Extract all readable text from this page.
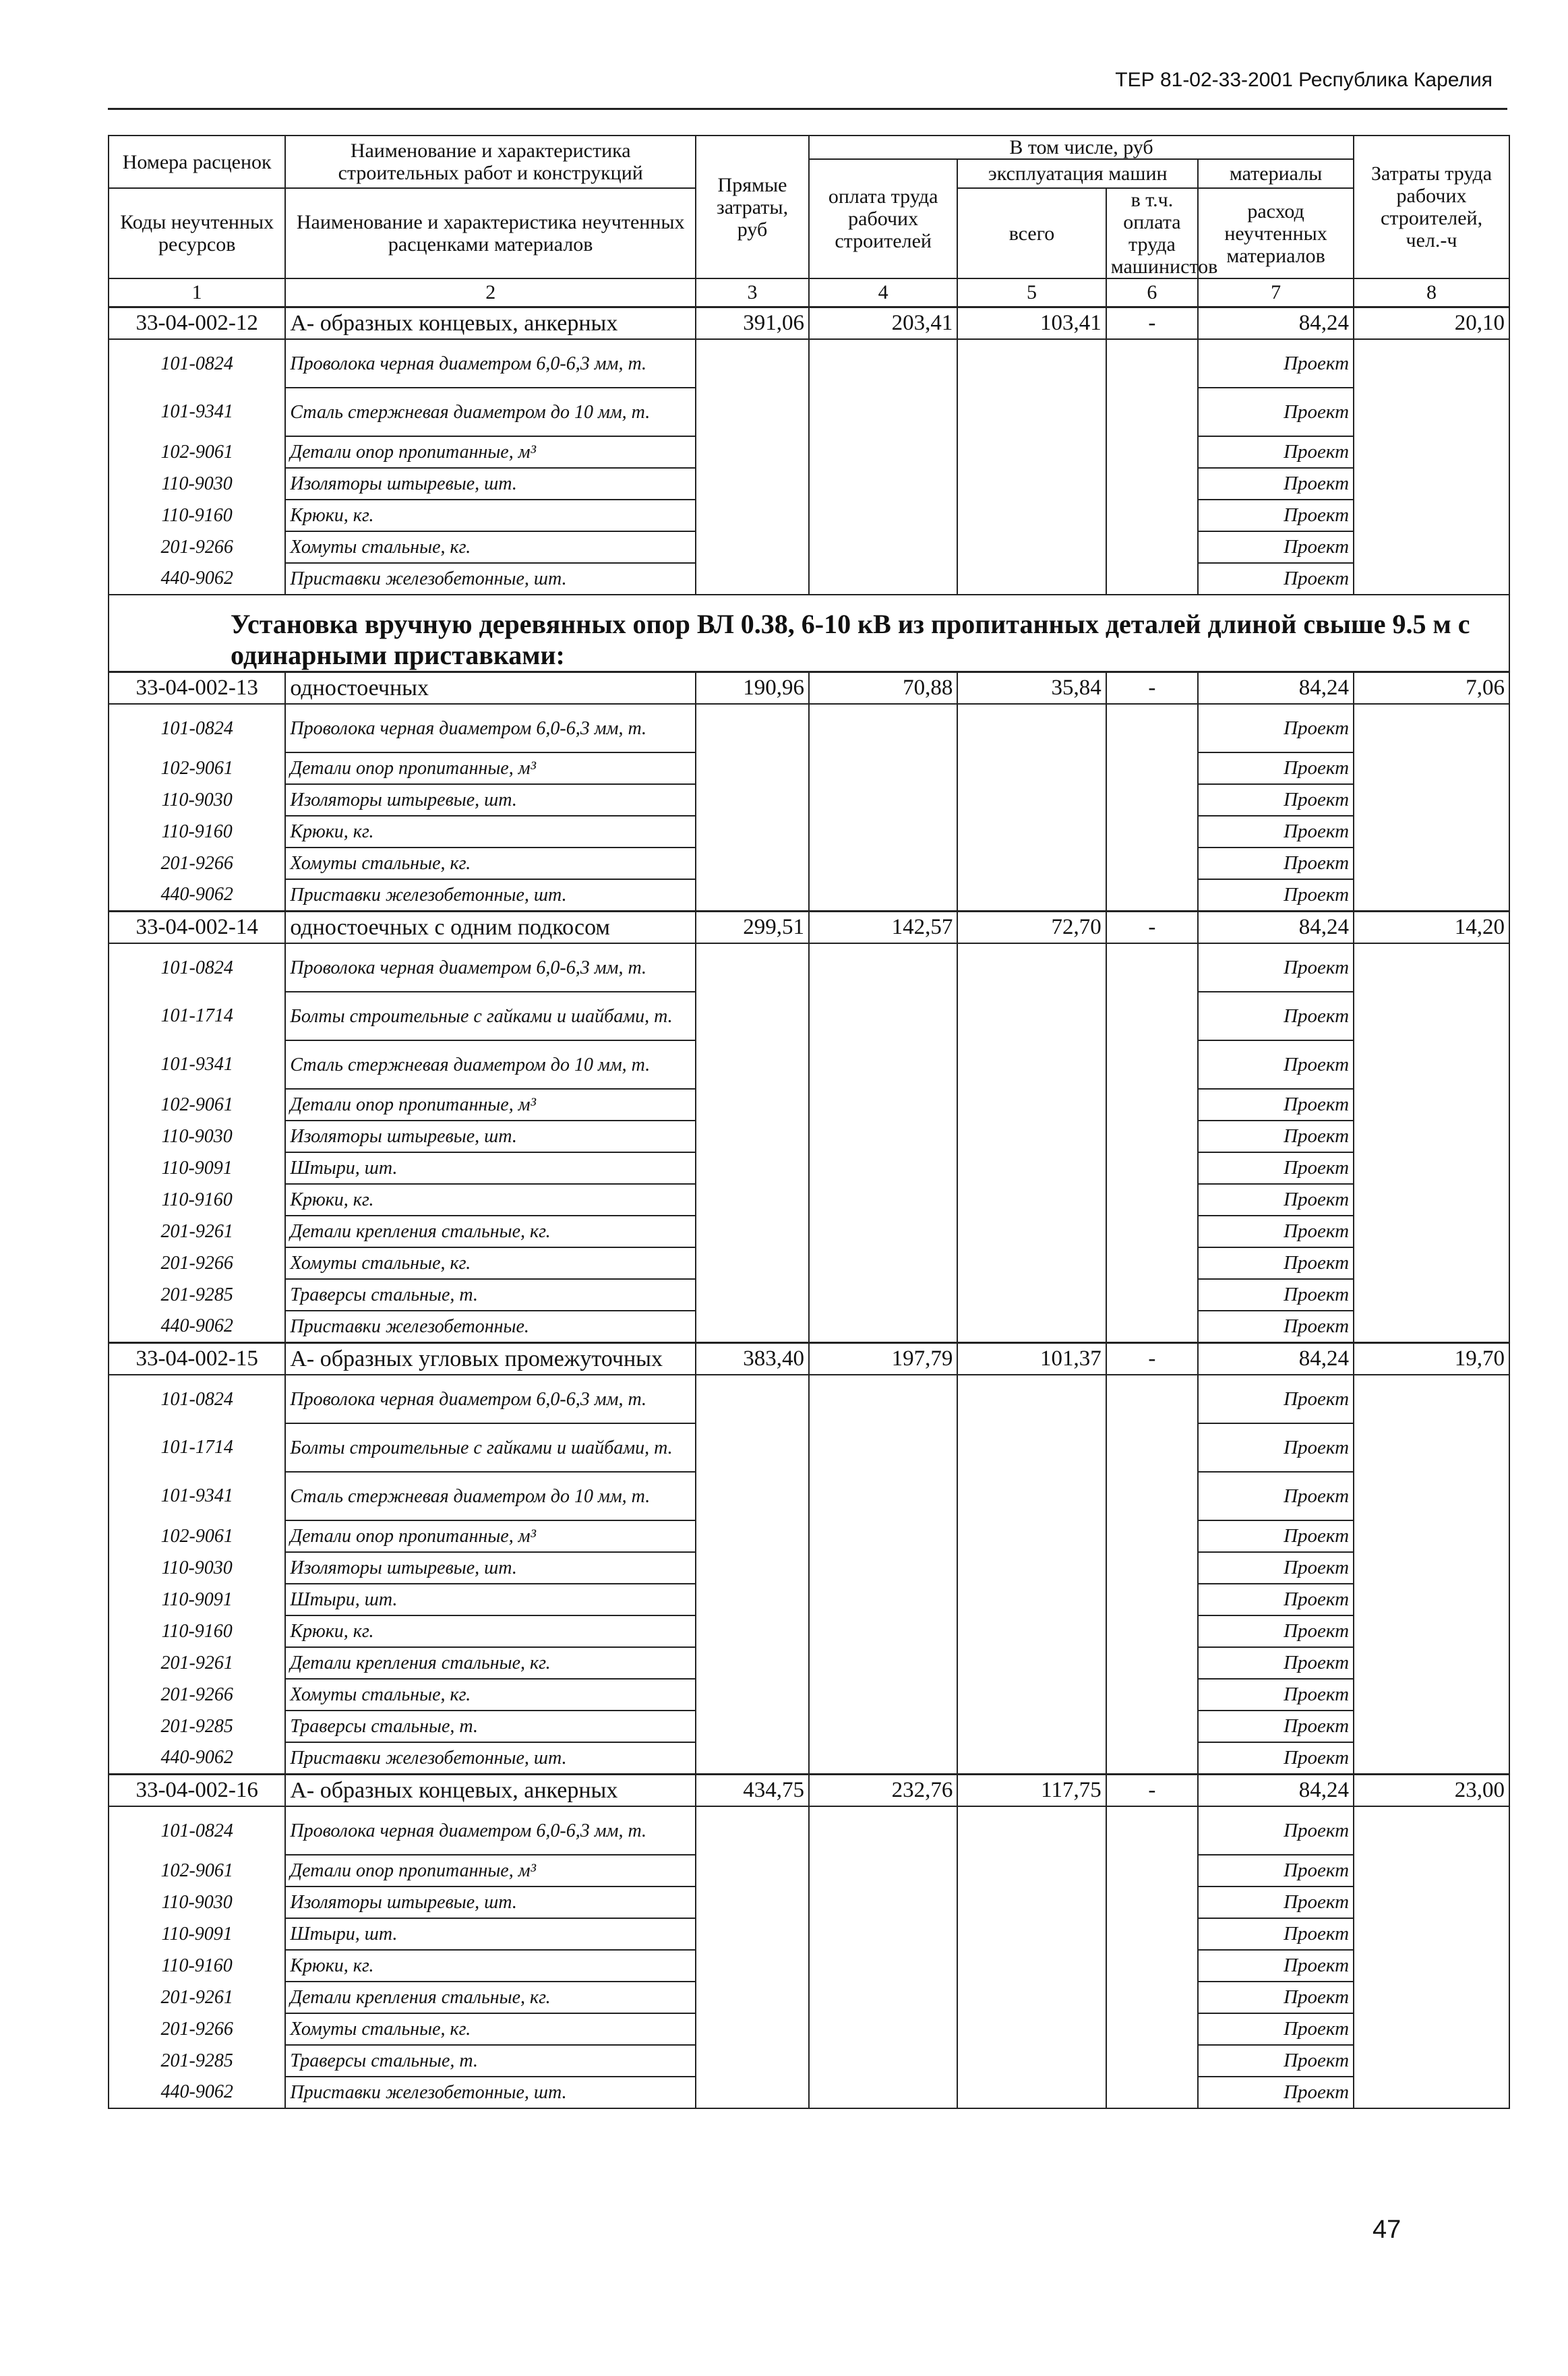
ТЕР 81-02-33-2001 Республика Карелия
Номера расценок	Наименование и характеристика строительных работ и конструкций	Прямые затраты, руб	В том числе, руб				Затраты труда рабочих строителей, чел.-ч
			оплата труда рабочих строителей	эксплуатация машин		материалы	
Коды неучтенных ресурсов	Наименование и характеристика неучтенных расценками материалов			всего	в т.ч. оплата труда машинистов	расход неучтенных материалов	

1	2	3	4	5	6	7	8
33-04-002-12	А- образных концевых, анкерных	391,06	203,41	103,41	-	84,24	20,10
101-0824	Проволока черная диаметром 6,0-6,3 мм, т.					Проект	
101-9341	Сталь стержневая диаметром до 10 мм, т.					Проект	
102-9061	Детали опор пропитанные, м³					Проект	
110-9030	Изоляторы штыревые, шт.					Проект	
110-9160	Крюки, кг.					Проект	
201-9266	Хомуты стальные, кг.					Проект	
440-9062	Приставки железобетонные, шт.					Проект	

Установка вручную деревянных опор ВЛ 0.38, 6-10 кВ из пропитанных деталей длиной свыше 9.5 м с одинарными приставками:							

33-04-002-13	одностоечных	190,96	70,88	35,84	-	84,24	7,06
101-0824	Проволока черная диаметром 6,0-6,3 мм, т.					Проект	
102-9061	Детали опор пропитанные, м³					Проект	
110-9030	Изоляторы штыревые, шт.					Проект	
110-9160	Крюки, кг.					Проект	
201-9266	Хомуты стальные, кг.					Проект	
440-9062	Приставки железобетонные, шт.					Проект	
33-04-002-14	одностоечных с одним подкосом	299,51	142,57	72,70	-	84,24	14,20
101-0824	Проволока черная диаметром 6,0-6,3 мм, т.					Проект	
101-1714	Болты строительные с гайками и шайбами, т.					Проект	
101-9341	Сталь стержневая диаметром до 10 мм, т.					Проект	
102-9061	Детали опор пропитанные, м³					Проект	
110-9030	Изоляторы штыревые, шт.					Проект	
110-9091	Штыри, шт.					Проект	
110-9160	Крюки, кг.					Проект	
201-9261	Детали крепления стальные, кг.					Проект	
201-9266	Хомуты стальные, кг.					Проект	
201-9285	Траверсы стальные, т.					Проект	
440-9062	Приставки железобетонные.					Проект	
33-04-002-15	А- образных угловых промежуточных	383,40	197,79	101,37	-	84,24	19,70
101-0824	Проволока черная диаметром 6,0-6,3 мм, т.					Проект	
101-1714	Болты строительные с гайками и шайбами, т.					Проект	
101-9341	Сталь стержневая диаметром до 10 мм, т.					Проект	
102-9061	Детали опор пропитанные, м³					Проект	
110-9030	Изоляторы штыревые, шт.					Проект	
110-9091	Штыри, шт.					Проект	
110-9160	Крюки, кг.					Проект	
201-9261	Детали крепления стальные, кг.					Проект	
201-9266	Хомуты стальные, кг.					Проект	
201-9285	Траверсы стальные, т.					Проект	
440-9062	Приставки железобетонные, шт.					Проект	
33-04-002-16	А- образных концевых, анкерных	434,75	232,76	117,75	-	84,24	23,00
101-0824	Проволока черная диаметром 6,0-6,3 мм, т.					Проект	
102-9061	Детали опор пропитанные, м³					Проект	
110-9030	Изоляторы штыревые, шт.					Проект	
110-9091	Штыри, шт.					Проект	
110-9160	Крюки, кг.					Проект	
201-9261	Детали крепления стальные, кг.					Проект	
201-9266	Хомуты стальные, кг.					Проект	
201-9285	Траверсы стальные, т.					Проект	
440-9062	Приставки железобетонные, шт.					Проект	
47
